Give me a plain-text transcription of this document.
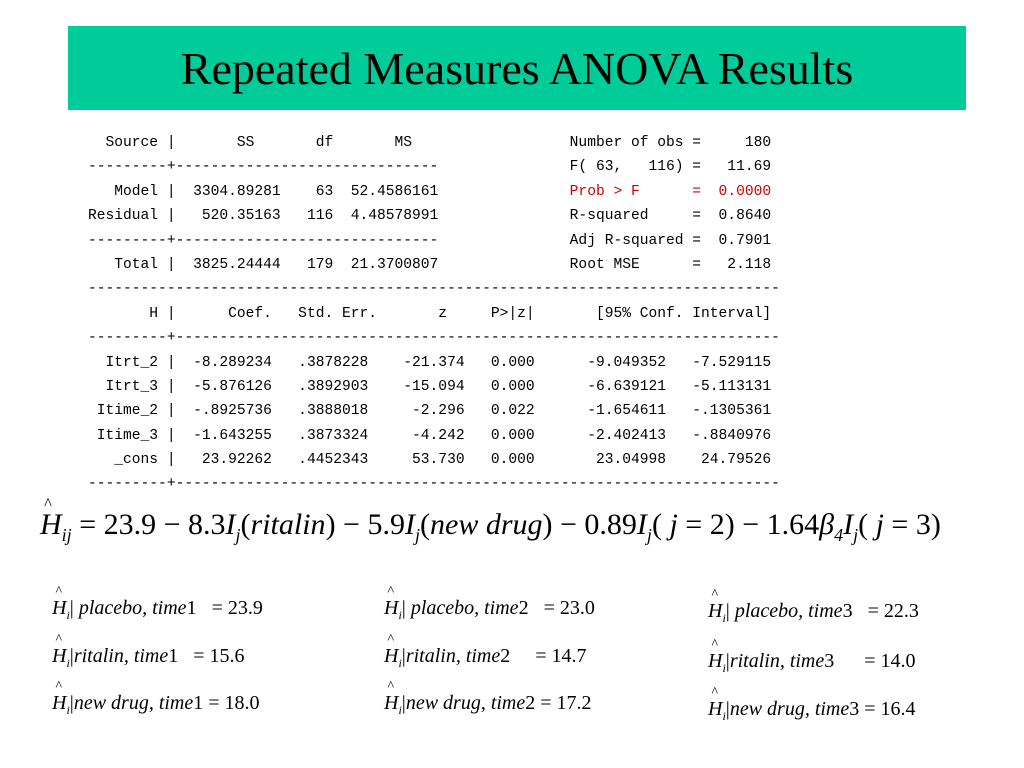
Repeated Measures ANOVA Results
Source |       SS       df       MS                  Number of obs =     180
---------+------------------------------               F( 63,   116) =   11.69
Model |  3304.89281    63  52.4586161               Prob > F      =  0.0000
Residual |   520.35163   116  4.48578991               R-squared     =  0.8640
---------+------------------------------               Adj R-squared =  0.7901
Total |  3825.24444   179  21.3700807               Root MSE      =   2.118
-------------------------------------------------------------------------------
H |      Coef.   Std. Err.       z     P>|z|       [95% Conf. Interval]
---------+---------------------------------------------------------------------
Itrt_2 |  -8.289234   .3878228    -21.374   0.000      -9.049352   -7.529115
Itrt_3 |  -5.876126   .3892903    -15.094   0.000      -6.639121   -5.113131
Itime_2 |  -.8925736   .3888018     -2.296   0.022      -1.654611   -.1305361
Itime_3 |  -1.643255   .3873324     -4.242   0.000      -2.402413   -.8840976
_cons |   23.92262   .4452343     53.730   0.000       23.04998    24.79526
---------+---------------------------------------------------------------------
^
$H_{ij} = 23.9$ − $8.3I_j(ritalin) - 5.9I_j(new$ drug) − $0.89I_j$( $j = 2) - 1.64\beta_4I_j$( j = 3)
^
$H_i|$ placebo, time1   = 23.9
^
$H_i|$ placebo, time2   = 23.0
^
$H_i|$ placebo, time3   = 22.3
^
$H_i|ritalin$, time1   = 15.6
^
$H_i|ritalin$, time2     = 14.7
^
$H_i|ritalin$, time3      = 14.0
^
$H_i|new$ drug, time1 = 18.0
^
$H_i|new$ drug, time2 = 17.2	^
$H_i|new$ drug, time3 = 16.4
